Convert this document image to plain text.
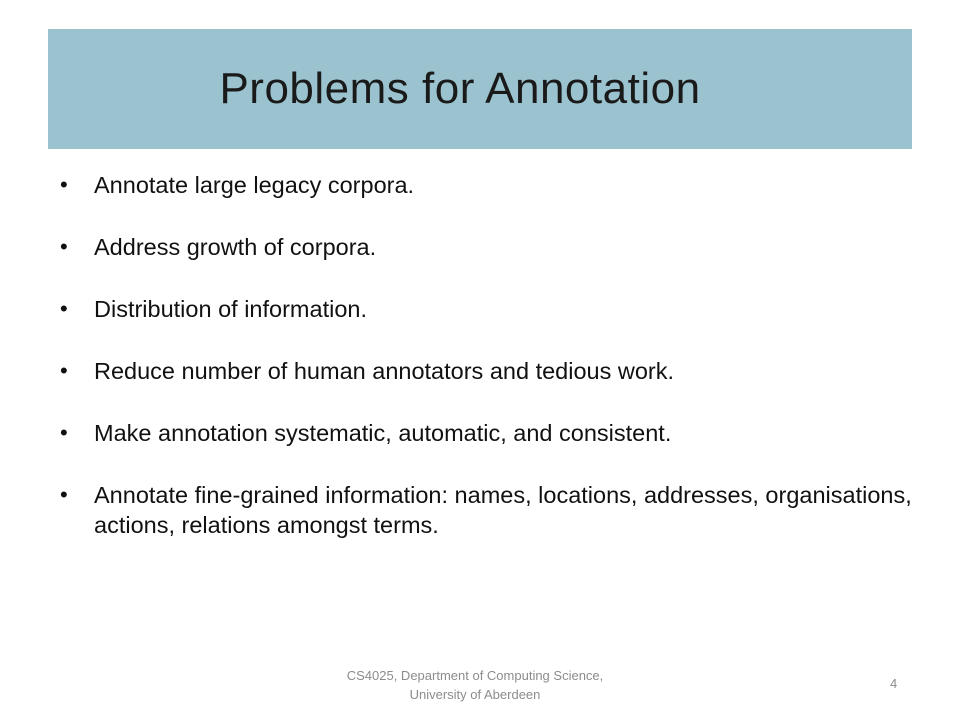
Problems for Annotation
• Annotate large legacy corpora.
• Address growth of corpora.
• Distribution of information.
• Reduce number of human annotators and tedious work.
• Make annotation systematic, automatic, and consistent.
• Annotate fine-grained information: names, locations, addresses, organisations, actions, relations amongst terms.
CS4025, Department of Computing Science,
University of Aberdeen
4
